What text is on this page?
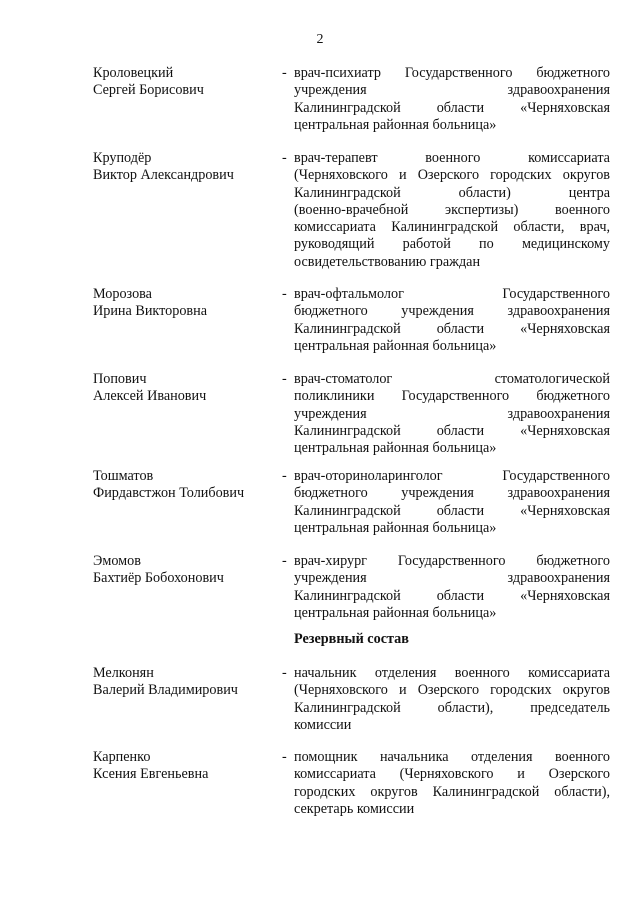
2
Кроловецкий
Сергей Борисович
- врач-психиатр Государственного бюджетного
учреждения здравоохранения
Калининградской области «Черняховская
центральная районная больница»
Круподёр
Виктор Александрович
- врач-терапевт военного комиссариата
(Черняховского и Озерского городских округов
Калининградской области) центра
(военно-врачебной экспертизы) военного
комиссариата Калининградской области, врач,
руководящий работой по медицинскому
освидетельствованию граждан
Морозова
Ирина Викторовна
- врач-офтальмолог Государственного
бюджетного учреждения здравоохранения
Калининградской области «Черняховская
центральная районная больница»
Попович
Алексей Иванович
- врач-стоматолог стоматологической
поликлиники Государственного бюджетного
учреждения здравоохранения
Калининградской области «Черняховская
центральная районная больница»
Тошматов
Фирдавстжон Толибович
- врач-оториноларинголог Государственного
бюджетного учреждения здравоохранения
Калининградской области «Черняховская
центральная районная больница»
Эмомов
Бахтиёр Бобохонович
- врач-хирург Государственного бюджетного
учреждения здравоохранения
Калининградской области «Черняховская
центральная районная больница»
Резервный состав
Мелконян
Валерий Владимирович
- начальник отделения военного комиссариата
(Черняховского и Озерского городских округов
Калининградской области), председатель
комиссии
Карпенко
Ксения Евгеньевна
- помощник начальника отделения военного
комиссариата (Черняховского и Озерского
городских округов Калининградской области),
секретарь комиссии
